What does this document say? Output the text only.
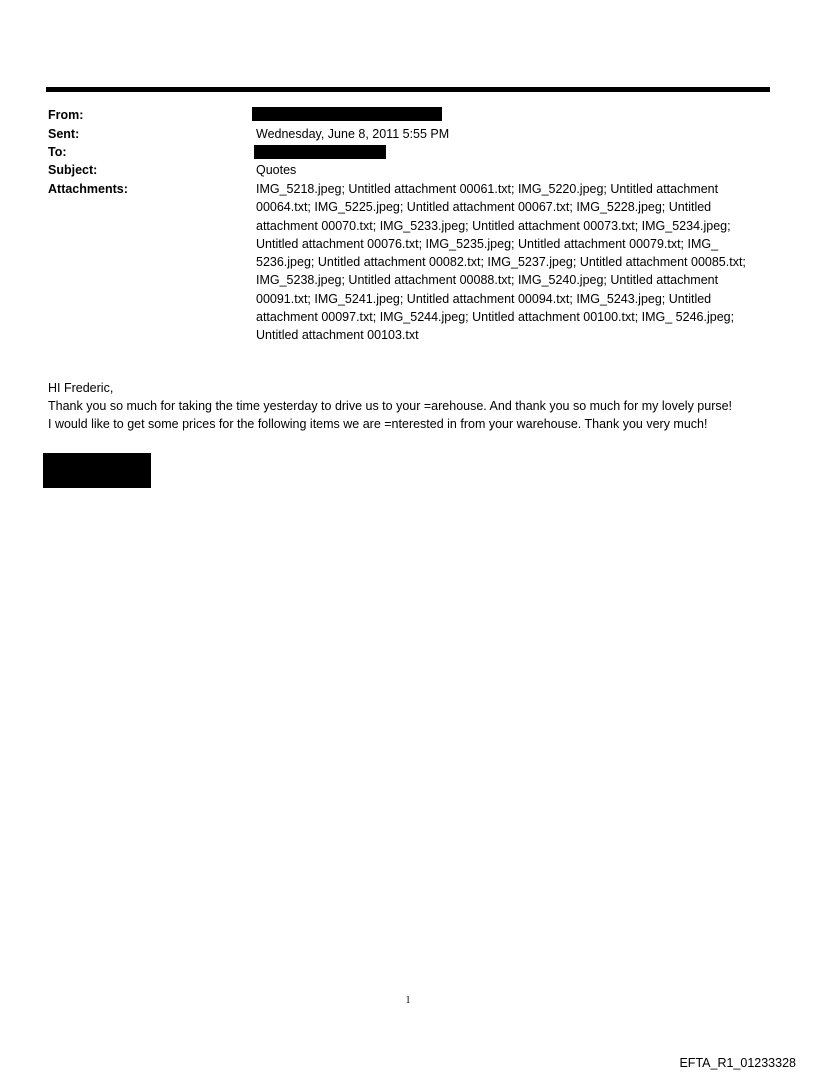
From:
Sent:	Wednesday, June 8, 2011 5:55 PM
To:
Subject:	Quotes
Attachments:	IMG_5218.jpeg; Untitled attachment 00061.txt; IMG_5220.jpeg; Untitled attachment 00064.txt; IMG_5225.jpeg; Untitled attachment 00067.txt; IMG_5228.jpeg; Untitled attachment 00070.txt; IMG_5233.jpeg; Untitled attachment 00073.txt; IMG_5234.jpeg; Untitled attachment 00076.txt; IMG_5235.jpeg; Untitled attachment 00079.txt; IMG_ 5236.jpeg; Untitled attachment 00082.txt; IMG_5237.jpeg; Untitled attachment 00085.txt; IMG_5238.jpeg; Untitled attachment 00088.txt; IMG_5240.jpeg; Untitled attachment 00091.txt; IMG_5241.jpeg; Untitled attachment 00094.txt; IMG_5243.jpeg; Untitled attachment 00097.txt; IMG_5244.jpeg; Untitled attachment 00100.txt; IMG_ 5246.jpeg; Untitled attachment 00103.txt

HI Frederic,

Thank you so much for taking the time yesterday to drive us to your =arehouse. And thank you so much for my lovely purse!

I would like to get some prices for the following items we are =nterested in from your warehouse. Thank you very much!

1
EFTA_R1_01233328
